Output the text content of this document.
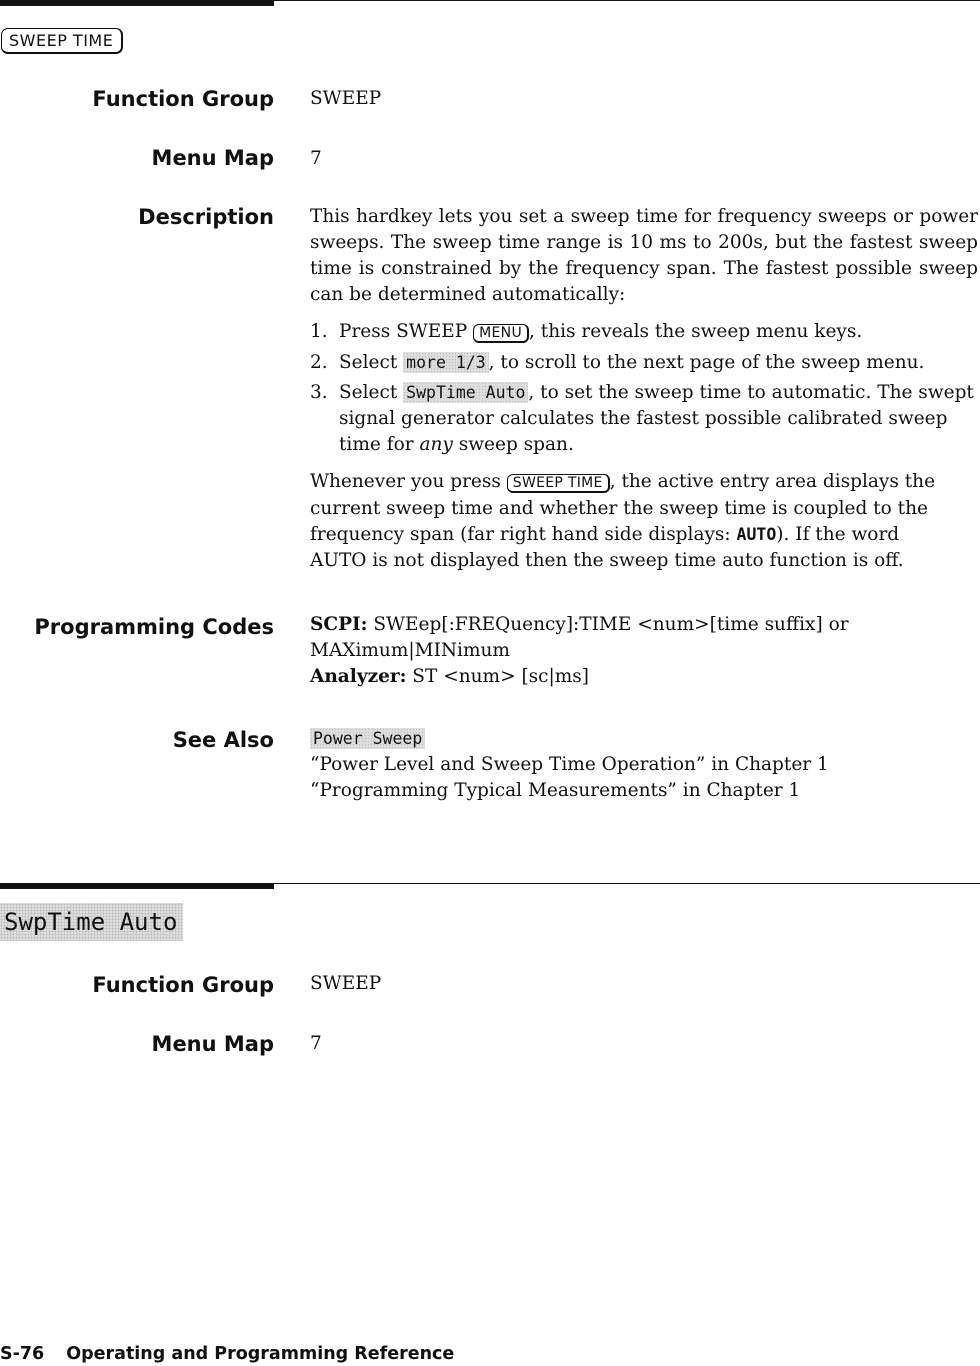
SWEEP TIME
Function Group SWEEP
Menu Map 7
Description This hardkey lets you set a sweep time for frequency sweeps or power sweeps. The sweep time range is 10 ms to 200s, but the fastest sweep time is constrained by the frequency span. The fastest possible sweep can be determined automatically:

1. Press SWEEP MENU , this reveals the sweep menu keys.
2. Select more 1/3 , to scroll to the next page of the sweep menu.
3. Select SwpTime Auto , to set the sweep time to automatic. The swept signal generator calculates the fastest possible calibrated sweep time for any sweep span.

Whenever you press SWEEP TIME , the active entry area displays the current sweep time and whether the sweep time is coupled to the frequency span (far right hand side displays: AUTO). If the word AUTO is not displayed then the sweep time auto function is off.

Programming Codes SCPI: SWEep[:FREQuency]:TIME <num>[time suffix] or MAXimum|MINimum
Analyzer: ST <num> [sc|ms]
See Also Power Sweep
“Power Level and Sweep Time Operation” in Chapter 1
“Programming Typical Measurements” in Chapter 1
SwpTime Auto
Function Group SWEEP
Menu Map 7
S-76 Operating and Programming Reference
